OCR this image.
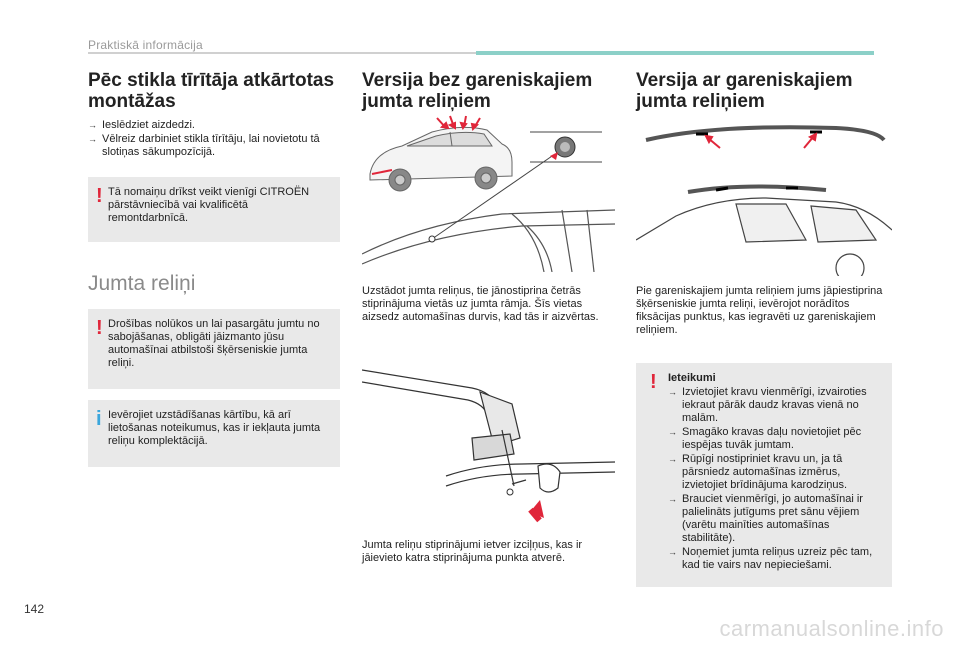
Praktiskā informācija
Pēc stikla tīrītāja atkārtotas montāžas
→ Ieslēdziet aizdedzi.
→ Vēlreiz darbiniet stikla tīrītāju, lai novietotu tā slotiņas sākumpozīcijā.
! Tā nomaiņu drīkst veikt vienīgi CITROËN pārstāvniecībā vai kvalificētā remontdarbnīcā.
Jumta reliņi
! Drošības nolūkos un lai pasargātu jumtu no sabojāšanas, obligāti jāizmanto jūsu automašīnai atbilstoši šķērseniskie jumta reliņi.
i Ievērojiet uzstādīšanas kārtību, kā arī lietošanas noteikumus, kas ir iekļauta jumta reliņu komplektācijā.
Versija bez gareniskajiem jumta reliņiem
Uzstādot jumta reliņus, tie jānostiprina četrās stiprinājuma vietās uz jumta rāmja. Šīs vietas aizsedz automašīnas durvis, kad tās ir aizvērtas.
Jumta reliņu stiprinājumi ietver izciļņus, kas ir jāievieto katra stiprinājuma punkta atverē.
Versija ar gareniskajiem jumta reliņiem
Pie gareniskajiem jumta reliņiem jums jāpiestiprina šķērseniskie jumta reliņi, ievērojot norādītos fiksācijas punktus, kas iegravēti uz gareniskajiem reliņiem.
! Ieteikumi
→ Izvietojiet kravu vienmērīgi, izvairoties iekraut pārāk daudz kravas vienā no malām.
→ Smagāko kravas daļu novietojiet pēc iespējas tuvāk jumtam.
→ Rūpīgi nostipriniet kravu un, ja tā pārsniedz automašīnas izmērus, izvietojiet brīdinājuma karodziņus.
→ Brauciet vienmērīgi, jo automašīnai ir palielināts jutīgums pret sānu vējiem (varētu mainīties automašīnas stabilitāte).
→ Noņemiet jumta reliņus uzreiz pēc tam, kad tie vairs nav nepieciešami.
142
carmanualsonline.info
